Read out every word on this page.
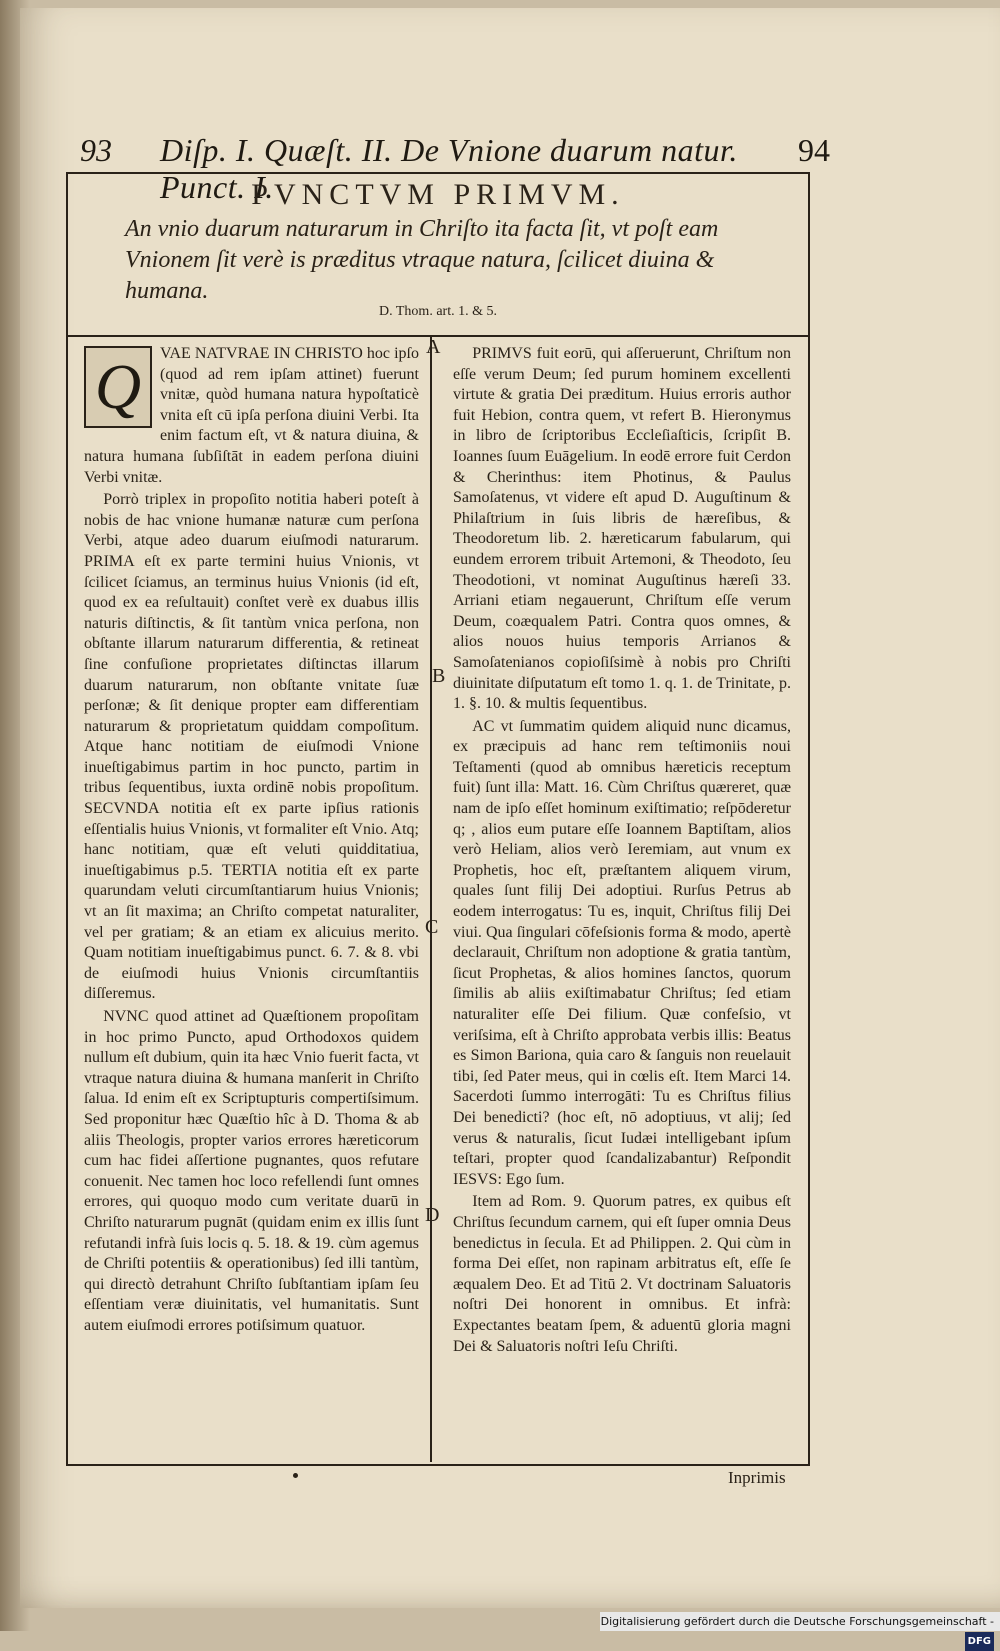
93 Diſp. I. Quæſt. II. De Vnione duarum natur. Punct. I.
94
PVNCTVM PRIMVM.
An vnio duarum naturarum in Chriſto ita facta ſit, vt poſt eam Vnionem ſit verè is præditus vtraque natura, ſcilicet diuina & humana.
D. Thom. art. 1. & 5.

Q	VAE NATVRAE IN CHRISTO hoc ipſo (quod ad rem ipſam attinet) fuerunt vnitæ, quòd humana natura hypoſtaticè vnita eſt cū ipſa perſona diuini Verbi. Ita enim factum eſt, vt & natura diuina, & natura humana ſubſiſtāt in eadem perſona diuini Verbi vnitæ.

Porrò triplex in propoſito notitia haberi poteſt à nobis de hac vnione humanæ naturæ cum perſona Verbi, atque adeo duarum eiuſmodi naturarum. PRIMA eſt ex parte termini huius Vnionis, vt ſcilicet ſciamus, an terminus huius Vnionis (id eſt, quod ex ea reſultauit) conſtet verè ex duabus illis naturis diſtinctis, & ſit tantùm vnica perſona, non obſtante illarum naturarum differentia, & retineat ſine confuſione proprietates diſtinctas illarum duarum naturarum, non obſtante vnitate ſuæ perſonæ; & ſit denique propter eam differentiam naturarum & proprietatum quiddam compoſitum. Atque hanc notitiam de eiuſmodi Vnione inueſtigabimus partim in hoc puncto, partim in tribus ſequentibus, iuxta ordinē nobis propoſitum. SECVNDA notitia eſt ex parte ipſius rationis eſſentialis huius Vnionis, vt formaliter eſt Vnio. Atq; hanc notitiam, quæ eſt veluti quidditatiua, inueſtigabimus p.5. TERTIA notitia eſt ex parte quarundam veluti circumſtantiarum huius Vnionis; vt an ſit maxima; an Chriſto competat naturaliter, vel per gratiam; & an etiam ex alicuius merito. Quam notitiam inueſtigabimus punct. 6. 7. & 8. vbi de eiuſmodi huius Vnionis circumſtantiis diſſeremus.

NVNC quod attinet ad Quæſtionem propoſitam in hoc primo Puncto, apud Orthodoxos quidem nullum eſt dubium, quin ita hæc Vnio fuerit facta, vt vtraque natura diuina & humana manſerit in Chriſto ſalua. Id enim eſt ex Scriptupturis compertiſsimum. Sed proponitur hæc Quæſtio hîc à D. Thoma & ab aliis Theologis, propter varios errores hæreticorum cum hac fidei aſſertione pugnantes, quos refutare conuenit. Nec tamen hoc loco refellendi ſunt omnes errores, qui quoquo modo cum veritate duarū in Chriſto naturarum pugnāt (quidam enim ex illis ſunt refutandi infrà ſuis locis q. 5. 18. & 19. cùm agemus de Chriſti potentiis & operationibus) ſed illi tantùm, qui directò detrahunt Chriſto ſubſtantiam ipſam ſeu eſſentiam veræ diuinitatis, vel humanitatis. Sunt autem eiuſmodi errores potiſsimum quatuor.

PRIMVS fuit eorū, qui aſſeruerunt, Chriſtum non eſſe verum Deum; ſed purum hominem excellenti virtute & gratia Dei præditum. Huius erroris author fuit Hebion, contra quem, vt refert B. Hieronymus in libro de ſcriptoribus Eccleſiaſticis, ſcripſit B. Ioannes ſuum Euāgelium. In eodē errore fuit Cerdon & Cherinthus: item Photinus, & Paulus Samoſatenus, vt videre eſt apud D. Auguſtinum & Philaſtrium in ſuis libris de hæreſibus, & Theodoretum lib. 2. hæreticarum fabularum, qui eundem errorem tribuit Artemoni, & Theodoto, ſeu Theodotioni, vt nominat Auguſtinus hæreſi 33. Arriani etiam negauerunt, Chriſtum eſſe verum Deum, coæqualem Patri. Contra quos omnes, & alios nouos huius temporis Arrianos & Samoſatenianos copioſiſsimè à nobis pro Chriſti diuinitate diſputatum eſt tomo 1. q. 1. de Trinitate, p. 1. §. 10. & multis ſequentibus.

AC vt ſummatim quidem aliquid nunc dicamus, ex præcipuis ad hanc rem teſtimoniis noui Teſtamenti (quod ab omnibus hæreticis receptum fuit) ſunt illa: Matt. 16. Cùm Chriſtus quæreret, quæ nam de ipſo eſſet hominum exiſtimatio; reſpōderetur q; , alios eum putare eſſe Ioannem Baptiſtam, alios verò Heliam, alios verò Ieremiam, aut vnum ex Prophetis, hoc eſt, præſtantem aliquem virum, quales ſunt filij Dei adoptiui. Rurſus Petrus ab eodem interrogatus: Tu es, inquit, Chriſtus filij Dei viui. Qua ſingulari cōfeſsionis forma & modo, apertè declarauit, Chriſtum non adoptione & gratia tantùm, ſicut Prophetas, & alios homines ſanctos, quorum ſimilis ab aliis exiſtimabatur Chriſtus; ſed etiam naturaliter eſſe Dei filium. Quæ confeſsio, vt veriſsima, eſt à Chriſto approbata verbis illis: Beatus es Simon Bariona, quia caro & ſanguis non reuelauit tibi, ſed Pater meus, qui in cœlis eſt. Item Marci 14. Sacerdoti ſummo interrogāti: Tu es Chriſtus filius Dei benedicti? (hoc eſt, nō adoptiuus, vt alij; ſed verus & naturalis, ſicut Iudæi intelligebant ipſum teſtari, propter quod ſcandalizabantur) Reſpondit IESVS: Ego ſum.

Item ad Rom. 9. Quorum patres, ex quibus eſt Chriſtus ſecundum carnem, qui eſt ſuper omnia Deus benedictus in ſecula. Et ad Philippen. 2. Qui cùm in forma Dei eſſet, non rapinam arbitratus eſt, eſſe ſe æqualem Deo. Et ad Titū 2. Vt doctrinam Saluatoris noſtri Dei honorent in omnibus. Et infrà: Expectantes beatam ſpem, & aduentū gloria magni Dei & Saluatoris noſtri Ieſu Chriſti.

A
B
C
D
Inprimis
Digitalisierung gefördert durch die Deutsche Forschungsgemeinschaft -DFG
